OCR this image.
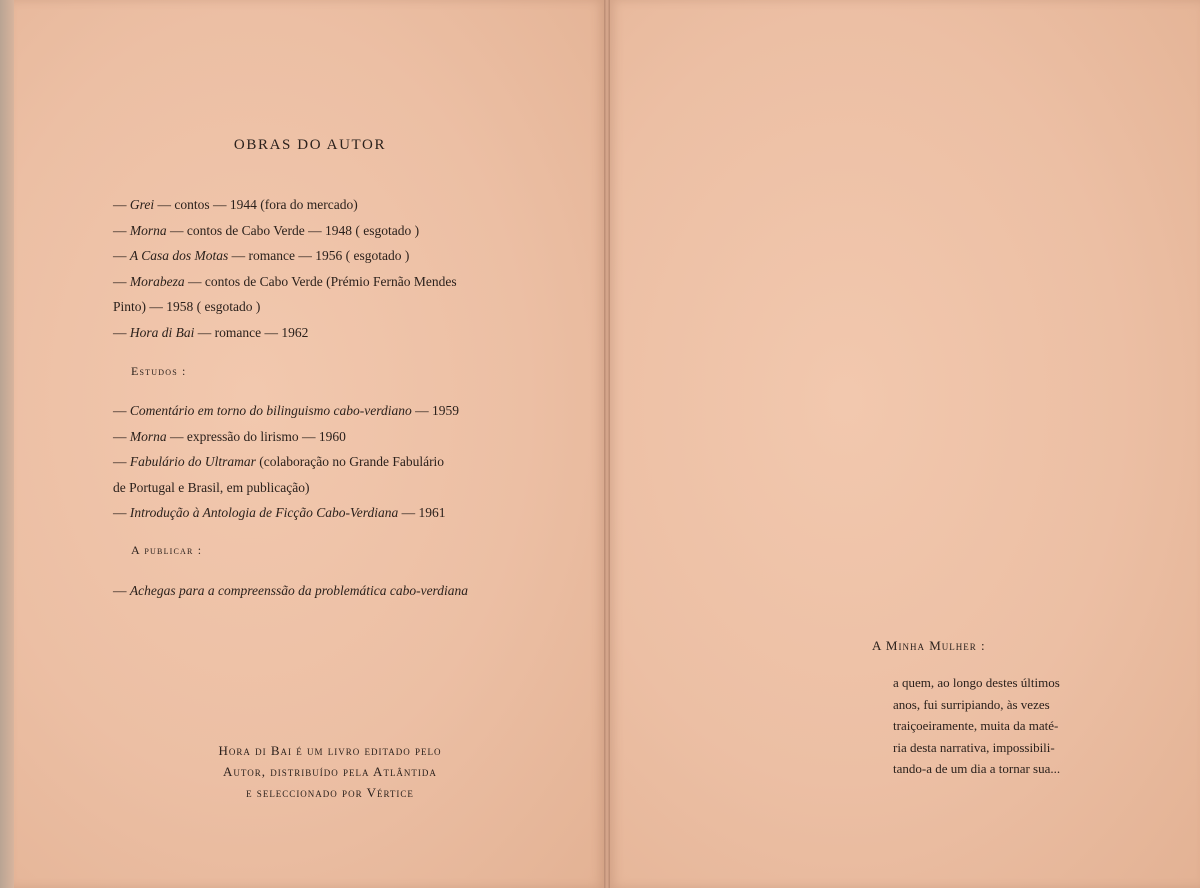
OBRAS DO AUTOR
— Grei — contos — 1944 (fora do mercado)
— Morna — contos de Cabo Verde — 1948 ( esgotado )
— A Casa dos Motas — romance — 1956 ( esgotado )
— Morabeza — contos de Cabo Verde (Prémio Fernão Mendes
Pinto) — 1958 ( esgotado )
— Hora di Bai — romance — 1962
Estudos :
— Comentário em torno do bilinguismo cabo-verdiano — 1959
— Morna — expressão do lirismo — 1960
— Fabulário do Ultramar (colaboração no Grande Fabulário
de Portugal e Brasil, em publicação)
— Introdução à Antologia de Ficção Cabo-Verdiana — 1961
A publicar :
— Achegas para a compreenssão da problemática cabo-verdiana
Hora di Bai é um livro editado pelo
Autor, distribuído pela Atlântida
e seleccionado por Vértice
A Minha Mulher :
a quem, ao longo destes últimos
anos, fui surripiando, às vezes
traiçoeiramente, muita da maté-
ria desta narrativa, impossibili-
tando-a de um dia a tornar sua...
